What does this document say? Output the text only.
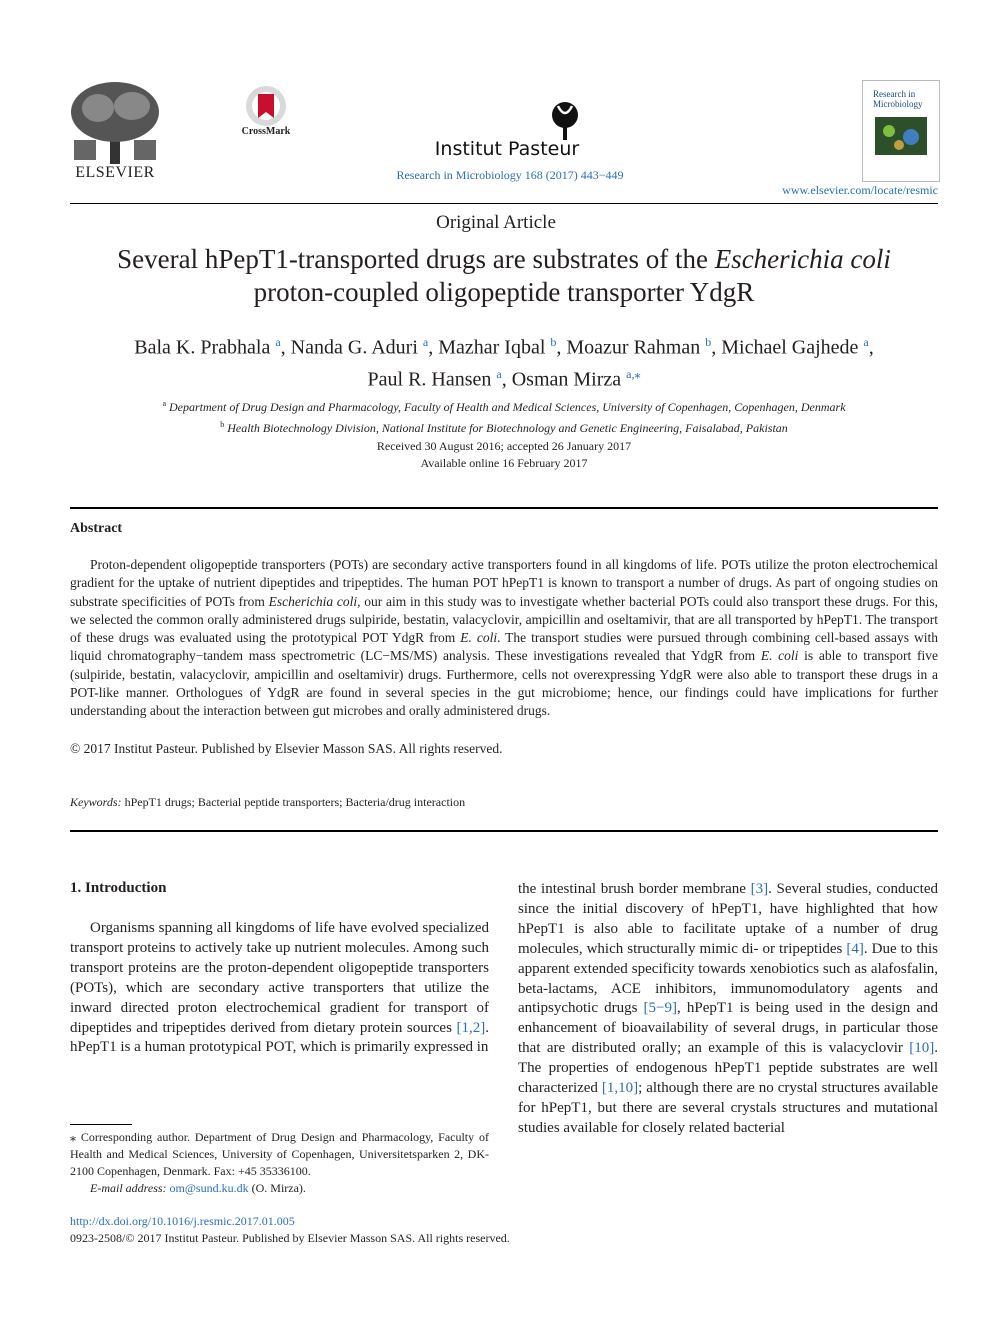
ELSEVIER
CrossMark
Institut Pasteur
Research in Microbiology 168 (2017) 443−449
Research in Microbiology
www.elsevier.com/locate/resmic
Original Article
Several hPepT1-transported drugs are substrates of the Escherichia coli
proton-coupled oligopeptide transporter YdgR
Bala K. Prabhala $^a$, Nanda G. Aduri $^a$, Mazhar Iqbal $^b$, Moazur Rahman $^b$, Michael Gajhede $^a$,
Paul R. Hansen $^a$, Osman Mirza $^{a,⁎}$
$^a$ Department of Drug Design and Pharmacology, Faculty of Health and Medical Sciences, University of Copenhagen, Copenhagen, Denmark
$^b$ Health Biotechnology Division, National Institute for Biotechnology and Genetic Engineering, Faisalabad, Pakistan
Received 30 August 2016; accepted 26 January 2017
Available online 16 February 2017
Abstract
Proton-dependent oligopeptide transporters (POTs) are secondary active transporters found in all kingdoms of life. POTs utilize the proton electrochemical gradient for the uptake of nutrient dipeptides and tripeptides. The human POT hPepT1 is known to transport a number of drugs. As part of ongoing studies on substrate specificities of POTs from Escherichia coli, our aim in this study was to investigate whether bacterial POTs could also transport these drugs. For this, we selected the common orally administered drugs sulpiride, bestatin, valacyclovir, ampicillin and oseltamivir, that are all transported by hPepT1. The transport of these drugs was evaluated using the prototypical POT YdgR from E. coli. The transport studies were pursued through combining cell-based assays with liquid chromatography−tandem mass spectrometric (LC−MS/MS) analysis. These investigations revealed that YdgR from E. coli is able to transport five (sulpiride, bestatin, valacyclovir, ampicillin and oseltamivir) drugs. Furthermore, cells not overexpressing YdgR were also able to transport these drugs in a POT-like manner. Orthologues of YdgR are found in several species in the gut microbiome; hence, our findings could have implications for further understanding about the interaction between gut microbes and orally administered drugs.
© 2017 Institut Pasteur. Published by Elsevier Masson SAS. All rights reserved.
Keywords: hPepT1 drugs; Bacterial peptide transporters; Bacteria/drug interaction
1. Introduction
Organisms spanning all kingdoms of life have evolved specialized transport proteins to actively take up nutrient molecules. Among such transport proteins are the proton-dependent oligopeptide transporters (POTs), which are secondary active transporters that utilize the inward directed proton electrochemical gradient for transport of dipeptides and tripeptides derived from dietary protein sources [1,2]. hPepT1 is a human prototypical POT, which is primarily expressed in
the intestinal brush border membrane [3]. Several studies, conducted since the initial discovery of hPepT1, have highlighted that how hPepT1 is also able to facilitate uptake of a number of drug molecules, which structurally mimic di- or tripeptides [4]. Due to this apparent extended specificity towards xenobiotics such as alafosfalin, beta-lactams, ACE inhibitors, immunomodulatory agents and antipsychotic drugs [5−9], hPepT1 is being used in the design and enhancement of bioavailability of several drugs, in particular those that are distributed orally; an example of this is valacyclovir [10]. The properties of endogenous hPepT1 peptide substrates are well characterized [1,10]; although there are no crystal structures available for hPepT1, but there are several crystals structures and mutational studies available for closely related bacterial
⁎ Corresponding author. Department of Drug Design and Pharmacology, Faculty of Health and Medical Sciences, University of Copenhagen, Universitetsparken 2, DK-2100 Copenhagen, Denmark. Fax: +45 35336100.
E-mail address: om@sund.ku.dk (O. Mirza).
http://dx.doi.org/10.1016/j.resmic.2017.01.005
0923-2508/© 2017 Institut Pasteur. Published by Elsevier Masson SAS. All rights reserved.
